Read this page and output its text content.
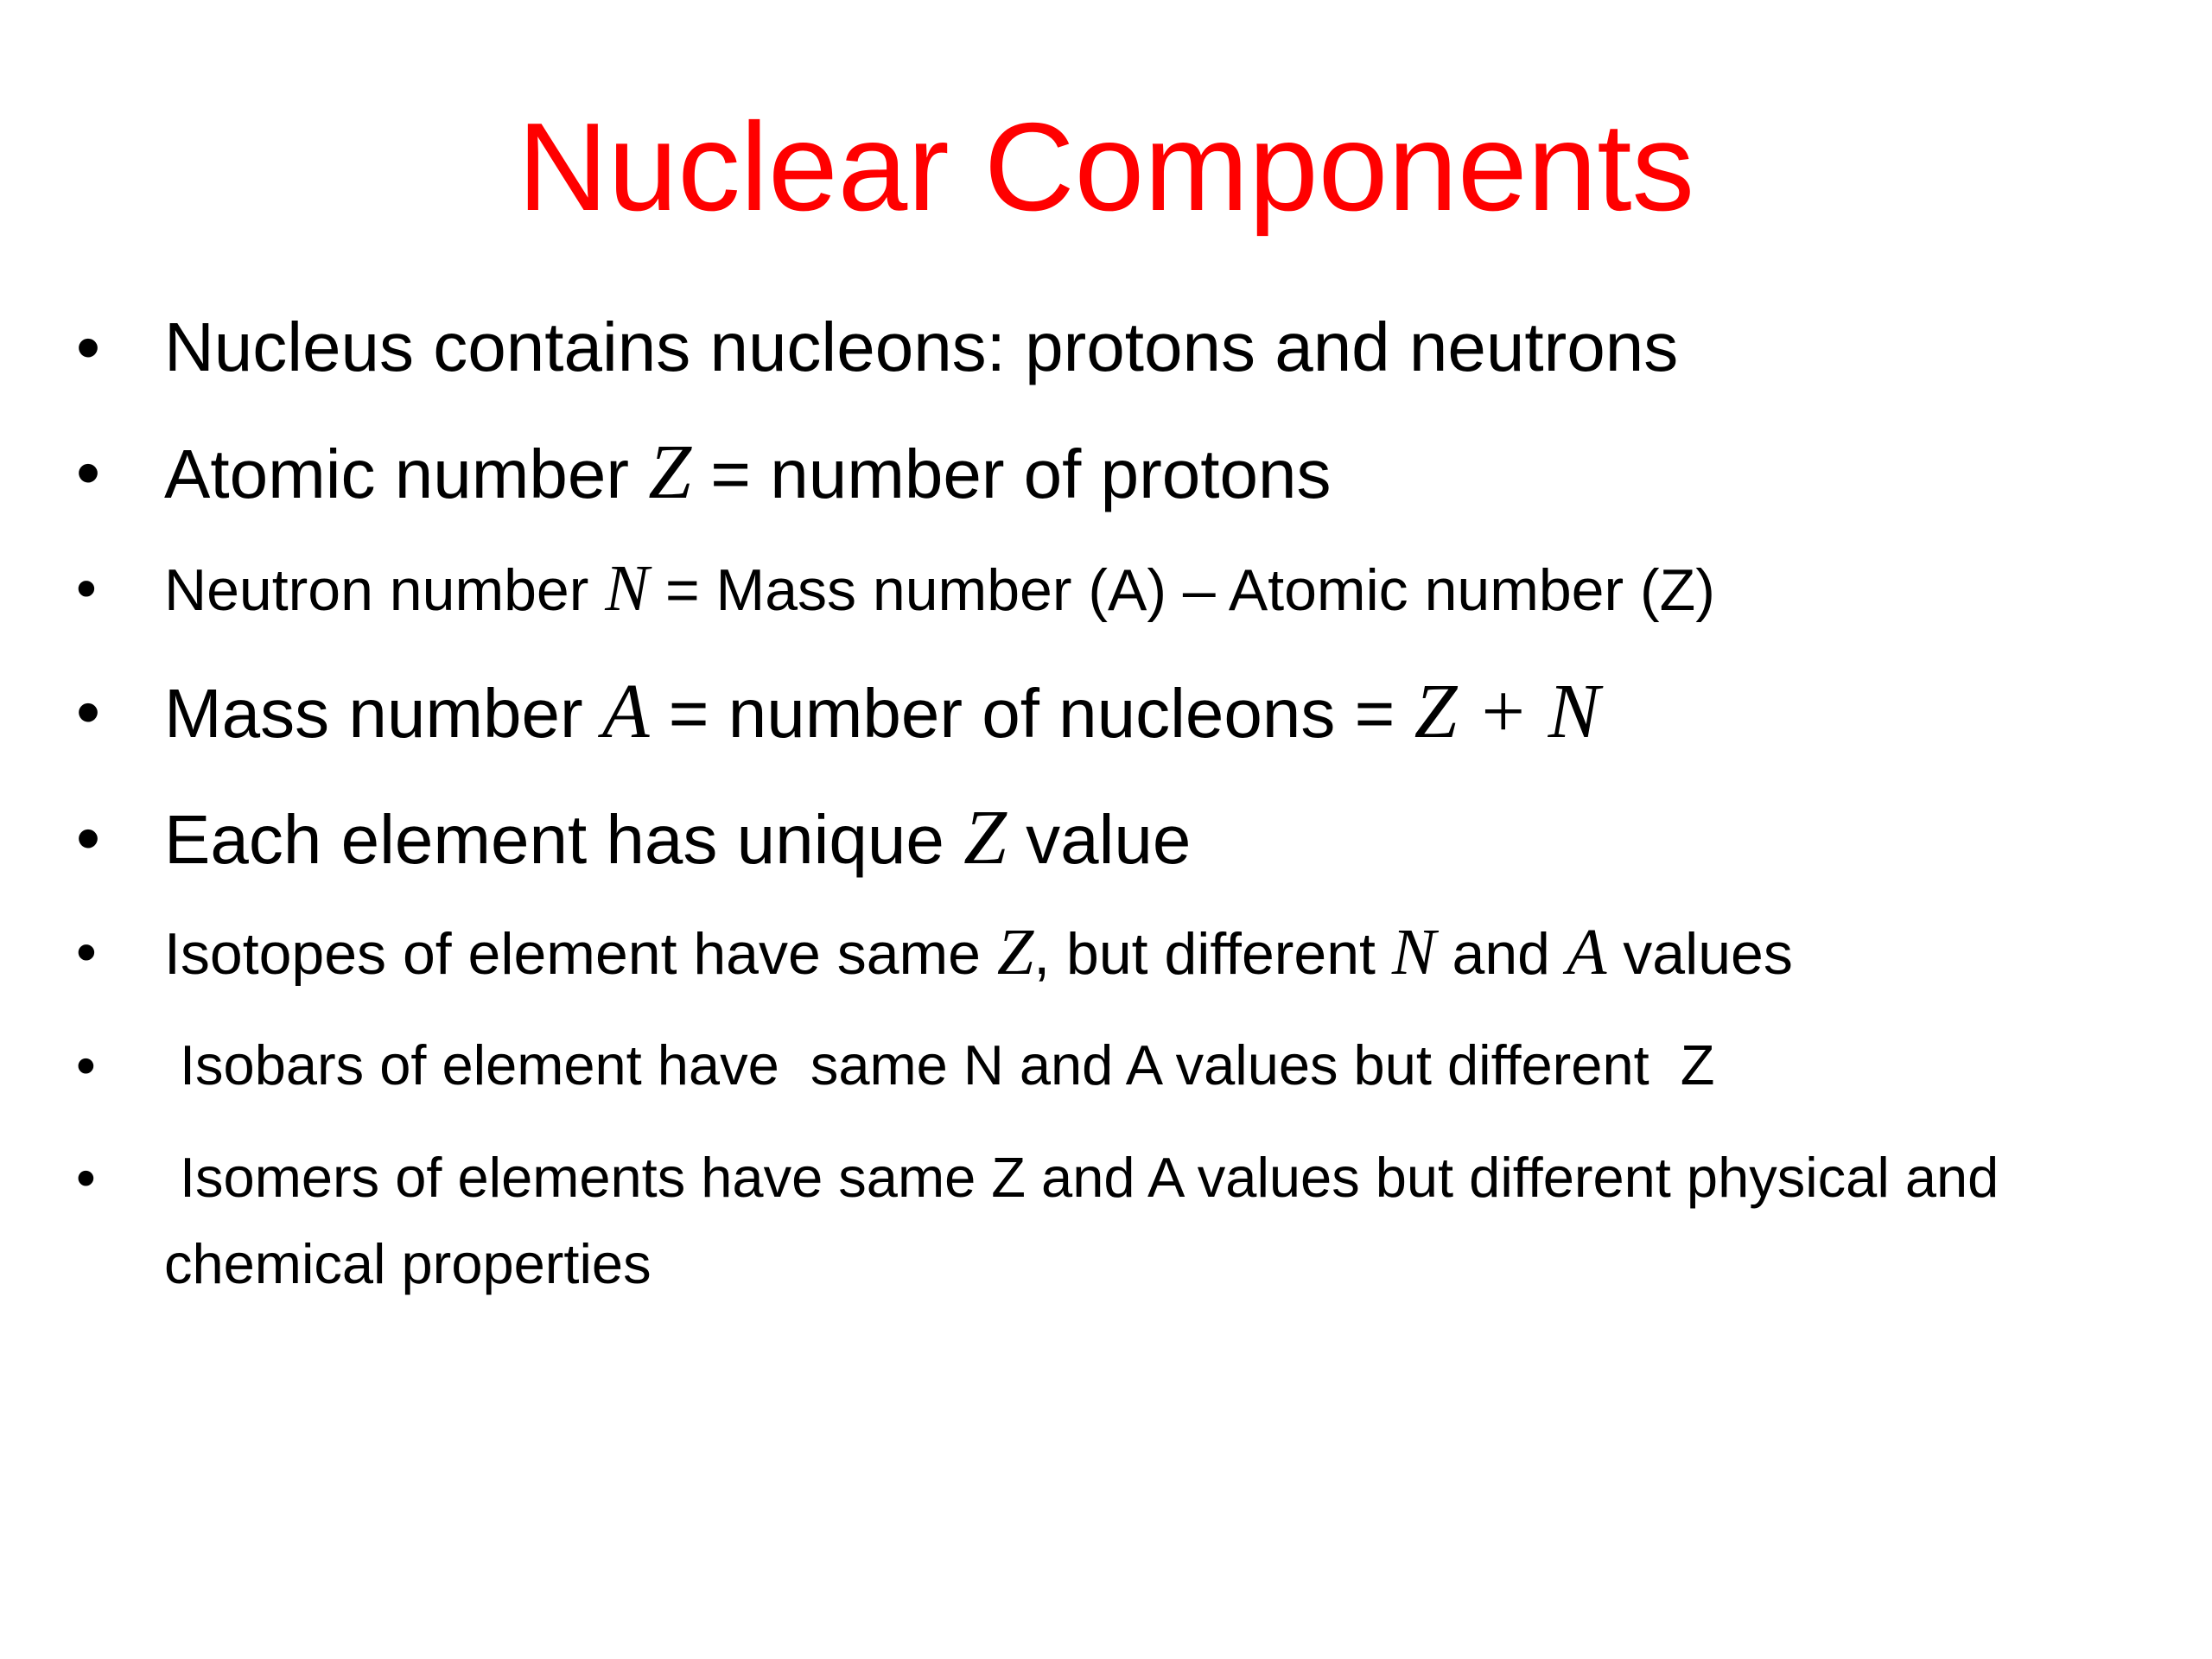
Nuclear Components
• Nucleus contains nucleons: protons and neutrons
• Atomic number Z = number of protons
• Neutron number N = Mass number (A) – Atomic number (Z)
• Mass number A = number of nucleons = Z + N
• Each element has unique Z value
• Isotopes of element have same Z, but different N and A values
• Isobars of element have  same N and A values but different  Z
• Isomers of elements have same Z and A values but different physical and chemical properties
